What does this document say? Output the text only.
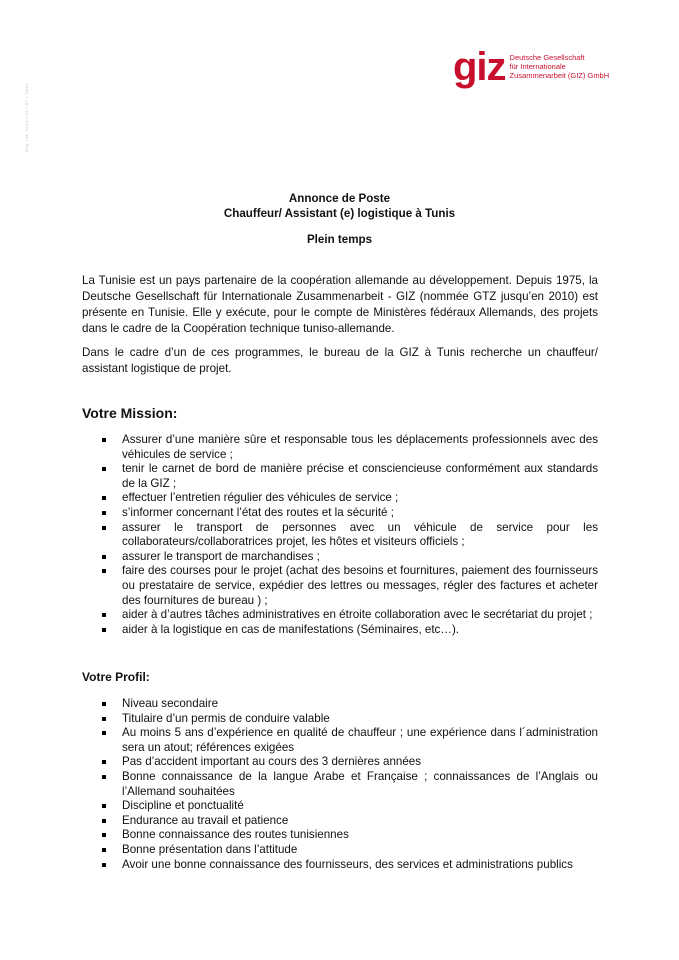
Org. ref. 2014 / 01 / 07 / Tunis
giz Deutsche Gesellschaft
für Internationale
Zusammenarbeit (GIZ) GmbH
Annonce de Poste
Chauffeur/ Assistant (e) logistique à Tunis
Plein temps
La Tunisie est un pays partenaire de la coopération allemande au développement. Depuis 1975, la Deutsche Gesellschaft für Internationale Zusammenarbeit - GIZ (nommée GTZ jusqu’en 2010) est présente en Tunisie. Elle y exécute, pour le compte de Ministères fédéraux Allemands, des projets dans le cadre de la Coopération technique tuniso-allemande.
Dans le cadre d’un de ces programmes, le bureau de la GIZ à Tunis recherche un chauffeur/ assistant logistique de projet.
Votre Mission:
Assurer d’une manière sûre et responsable tous les déplacements professionnels avec des véhicules de service ;
tenir le carnet de bord de manière précise et consciencieuse conformément aux standards de la GIZ ;
effectuer l’entretien régulier des véhicules de service ;
s’informer concernant l’état des routes et la sécurité ;
assurer le transport de personnes avec un véhicule de service pour les collaborateurs/collaboratrices projet, les hôtes et visiteurs officiels ;
assurer le transport de marchandises ;
faire des courses pour le projet (achat des besoins et fournitures, paiement des fournisseurs ou prestataire de service, expédier des lettres ou messages, régler des factures et acheter des fournitures de bureau ) ;
aider à d’autres tâches administratives en étroite collaboration avec le secrétariat du projet ;
aider à la logistique en cas de manifestations (Séminaires, etc…).
Votre Profil:
Niveau secondaire
Titulaire d’un permis de conduire valable
Au moins 5 ans d’expérience en qualité de chauffeur ; une expérience dans l´administration sera un atout; références exigées
Pas d’accident important au cours des 3 dernières années
Bonne connaissance de la langue Arabe et Française ; connaissances de l’Anglais ou l’Allemand souhaitées
Discipline et ponctualité
Endurance au travail et patience
Bonne connaissance des routes tunisiennes
Bonne présentation dans l’attitude
Avoir une bonne connaissance des fournisseurs, des services et administrations publics
